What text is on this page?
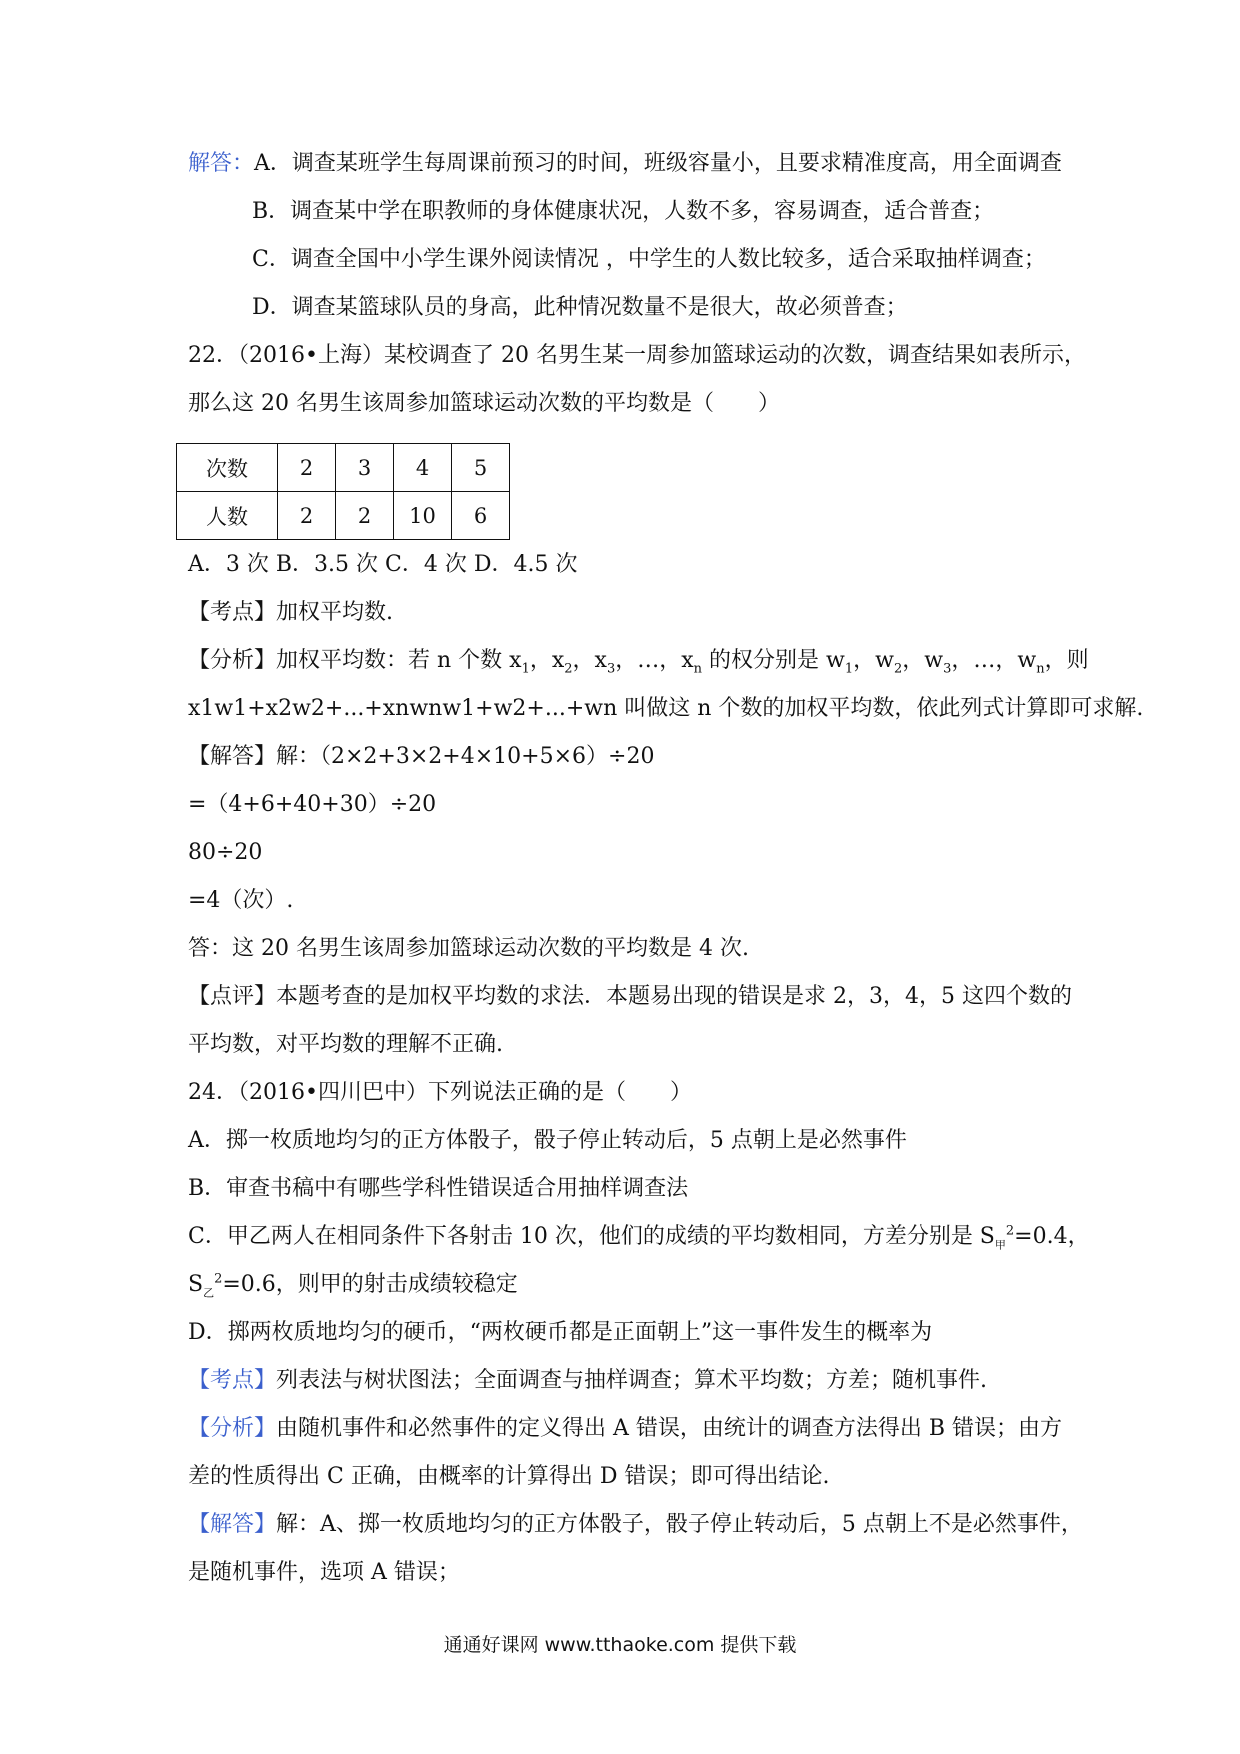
解答：A．调查某班学生每周课前预习的时间，班级容量小，且要求精准度高，用全面调查
B．调查某中学在职教师的身体健康状况，人数不多，容易调查，适合普查；
C．调查全国中小学生课外阅读情况 ，中学生的人数比较多，适合采取抽样调查；
D．调查某篮球队员的身高，此种情况数量不是很大，故必须普查；
22．（2016•上海）某校调查了 20 名男生某一周参加篮球运动的次数，调查结果如表所示，
那么这 20 名男生该周参加篮球运动次数的平均数是（　　）
次数	2	3	4	5
人数	2	2	10	6
A．3 次 B．3.5 次 C．4 次 D．4.5 次
【考点】加权平均数.
【分析】加权平均数：若 n 个数 $x_1$，$x_2$，$x_3$，…，$x_n$ 的权分别是 $w_1$，$w_2$，$w_3$，…，$w_n$，则
x1w1+x2w2+...+xnwnw1+w2+...+wn 叫做这 n 个数的加权平均数，依此列式计算即可求解.
【解答】解：（2×2+3×2+4×10+5×6）÷20
=（4+6+40+30）÷20
80÷20
=4（次）.
答：这 20 名男生该周参加篮球运动次数的平均数是 4 次.
【点评】本题考查的是加权平均数的求法．本题易出现的错误是求 2，3，4，5 这四个数的
平均数，对平均数的理解不正确.
24．（2016•四川巴中）下列说法正确的是（　　）
A．掷一枚质地均匀的正方体骰子，骰子停止转动后，5 点朝上是必然事件
B．审查书稿中有哪些学科性错误适合用抽样调查法
C．甲乙两人在相同条件下各射击 10 次，他们的成绩的平均数相同，方差分别是 $S_甲^2=0.4$，
$S_乙^2=0.6$，则甲的射击成绩较稳定
D．掷两枚质地均匀的硬币，“两枚硬币都是正面朝上”这一事件发生的概率为
【考点】列表法与树状图法；全面调查与抽样调查；算术平均数；方差；随机事件.
【分析】由随机事件和必然事件的定义得出 A 错误，由统计的调查方法得出 B 错误；由方
差的性质得出 C 正确，由概率的计算得出 D 错误；即可得出结论.
【解答】解：A、掷一枚质地均匀的正方体骰子，骰子停止转动后，5 点朝上不是必然事件，
是随机事件，选项 A 错误；
通通好课网 www.tthaoke.com 提供下载
